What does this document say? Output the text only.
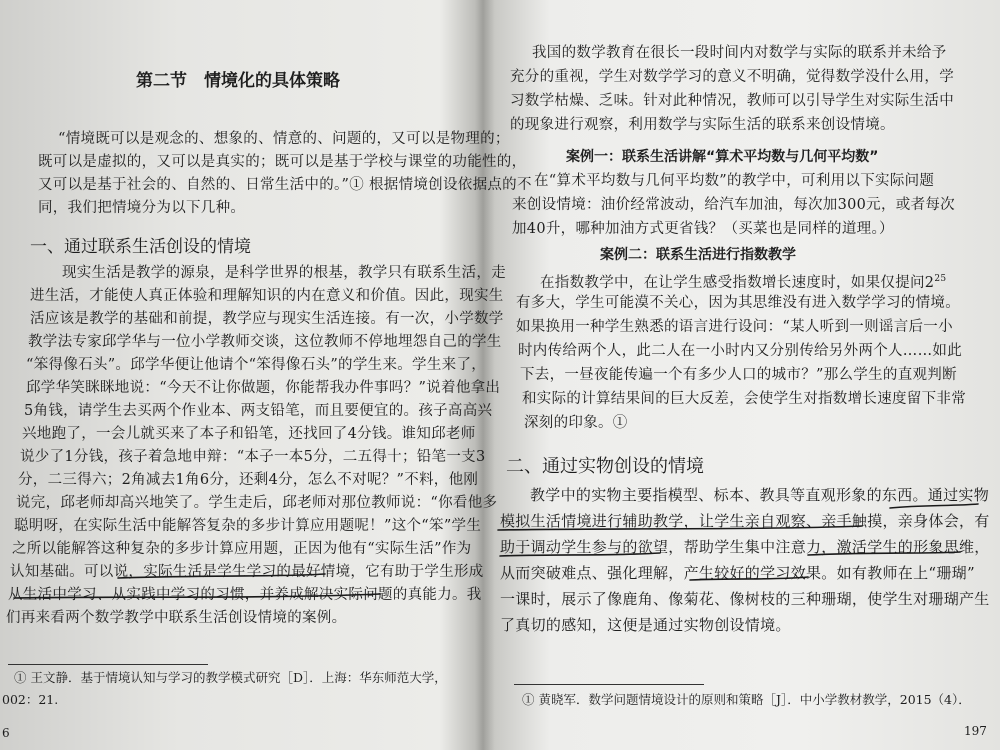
第二节　情境化的具体策略
“情境既可以是观念的、想象的、情意的、问题的，又可以是物理的；
既可以是虚拟的，又可以是真实的；既可以是基于学校与课堂的功能性的，
又可以是基于社会的、自然的、日常生活中的。”① 根据情境创设依据点的不
同，我们把情境分为以下几种。
一、通过联系生活创设的情境
现实生活是教学的源泉，是科学世界的根基，教学只有联系生活，走
进生活，才能使人真正体验和理解知识的内在意义和价值。因此，现实生
活应该是教学的基础和前提，教学应与现实生活连接。有一次，小学数学
教学法专家邱学华与一位小学教师交谈，这位教师不停地埋怨自己的学生
“笨得像石头”。邱学华便让他请个“笨得像石头”的学生来。学生来了，
邱学华笑眯眯地说：“今天不让你做题，你能帮我办件事吗？”说着他拿出
5角钱，请学生去买两个作业本、两支铅笔，而且要便宜的。孩子高高兴
兴地跑了，一会儿就买来了本子和铅笔，还找回了4分钱。谁知邱老师
说少了1分钱，孩子着急地申辩：“本子一本5分，二五得十；铅笔一支3
分，二三得六；2角减去1角6分，还剩4分，怎么不对呢？”不料，他刚
说完，邱老师却高兴地笑了。学生走后，邱老师对那位教师说：“你看他多
聪明呀，在实际生活中能解答复杂的多步计算应用题呢！”这个“笨”学生
之所以能解答这种复杂的多步计算应用题，正因为他有“实际生活”作为
认知基础。可以说，实际生活是学生学习的最好情境，它有助于学生形成
从生活中学习、从实践中学习的习惯，并养成解决实际问题的真能力。我
们再来看两个数学教学中联系生活创设情境的案例。
① 王文静．基于情境认知与学习的教学模式研究［D］．上海：华东师范大学，
002：21.
6
我国的数学教育在很长一段时间内对数学与实际的联系并未给予
充分的重视，学生对数学学习的意义不明确，觉得数学没什么用，学
习数学枯燥、乏味。针对此种情况，教师可以引导学生对实际生活中
的现象进行观察，利用数学与实际生活的联系来创设情境。
案例一：联系生活讲解“算术平均数与几何平均数”
在“算术平均数与几何平均数”的教学中，可利用以下实际问题
来创设情境：油价经常波动，给汽车加油，每次加300元，或者每次
加40升，哪种加油方式更省钱？（买菜也是同样的道理。）
案例二：联系生活进行指数教学
在指数教学中，在让学生感受指数增长速度时，如果仅提问$2^{25}$
有多大，学生可能漠不关心，因为其思维没有进入数学学习的情境。
如果换用一种学生熟悉的语言进行设问：“某人听到一则谣言后一小
时内传给两个人，此二人在一小时内又分别传给另外两个人……如此
下去，一昼夜能传遍一个有多少人口的城市？”那么学生的直观判断
和实际的计算结果间的巨大反差，会使学生对指数增长速度留下非常
深刻的印象。①
二、通过实物创设的情境
教学中的实物主要指模型、标本、教具等直观形象的东西。通过实物
模拟生活情境进行辅助教学，让学生亲自观察、亲手触摸，亲身体会，有
助于调动学生参与的欲望，帮助学生集中注意力，激活学生的形象思维，
从而突破难点、强化理解，产生较好的学习效果。如有教师在上“珊瑚”
一课时，展示了像鹿角、像菊花、像树枝的三种珊瑚，使学生对珊瑚产生
了真切的感知，这便是通过实物创设情境。
① 黄晓军．数学问题情境设计的原则和策略［J］．中小学教材教学，2015（4）．
197
